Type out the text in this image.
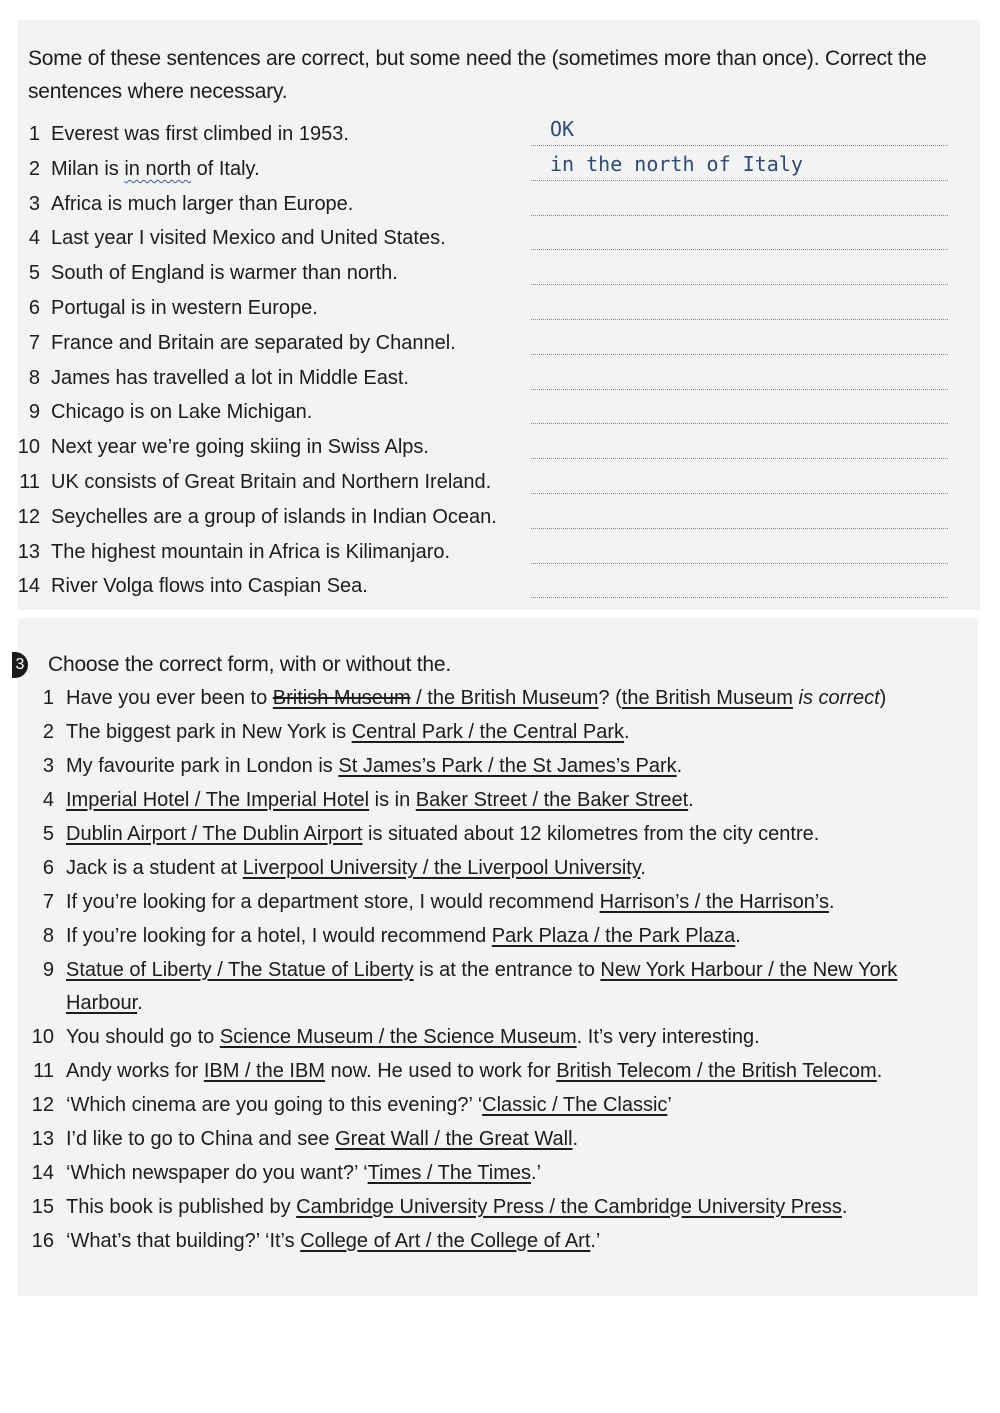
Some of these sentences are correct, but some need the (sometimes more than once). Correct the sentences where necessary.
1 Everest was first climbed in 1953.	OK
2 Milan is in north of Italy.	in the north of Italy
3 Africa is much larger than Europe.
4 Last year I visited Mexico and United States.
5 South of England is warmer than north.
6 Portugal is in western Europe.
7 France and Britain are separated by Channel.
8 James has travelled a lot in Middle East.
9 Chicago is on Lake Michigan.
10 Next year we’re going skiing in Swiss Alps.
11 UK consists of Great Britain and Northern Ireland.
12 Seychelles are a group of islands in Indian Ocean.
13 The highest mountain in Africa is Kilimanjaro.
14 River Volga flows into Caspian Sea.
3 Choose the correct form, with or without the.
1 Have you ever been to British Museum / the British Museum? (the British Museum is correct)
2 The biggest park in New York is Central Park / the Central Park.
3 My favourite park in London is St James’s Park / the St James’s Park.
4 Imperial Hotel / The Imperial Hotel is in Baker Street / the Baker Street.
5 Dublin Airport / The Dublin Airport is situated about 12 kilometres from the city centre.
6 Jack is a student at Liverpool University / the Liverpool University.
7 If you’re looking for a department store, I would recommend Harrison’s / the Harrison’s.
8 If you’re looking for a hotel, I would recommend Park Plaza / the Park Plaza.
9 Statue of Liberty / The Statue of Liberty is at the entrance to New York Harbour / the New York Harbour.
10 You should go to Science Museum / the Science Museum. It’s very interesting.
11 Andy works for IBM / the IBM now. He used to work for British Telecom / the British Telecom.
12 ‘Which cinema are you going to this evening?’ ‘Classic / The Classic’
13 I’d like to go to China and see Great Wall / the Great Wall.
14 ‘Which newspaper do you want?’ ‘Times / The Times.’
15 This book is published by Cambridge University Press / the Cambridge University Press.
16 ‘What’s that building?’ ‘It’s College of Art / the College of Art.’
